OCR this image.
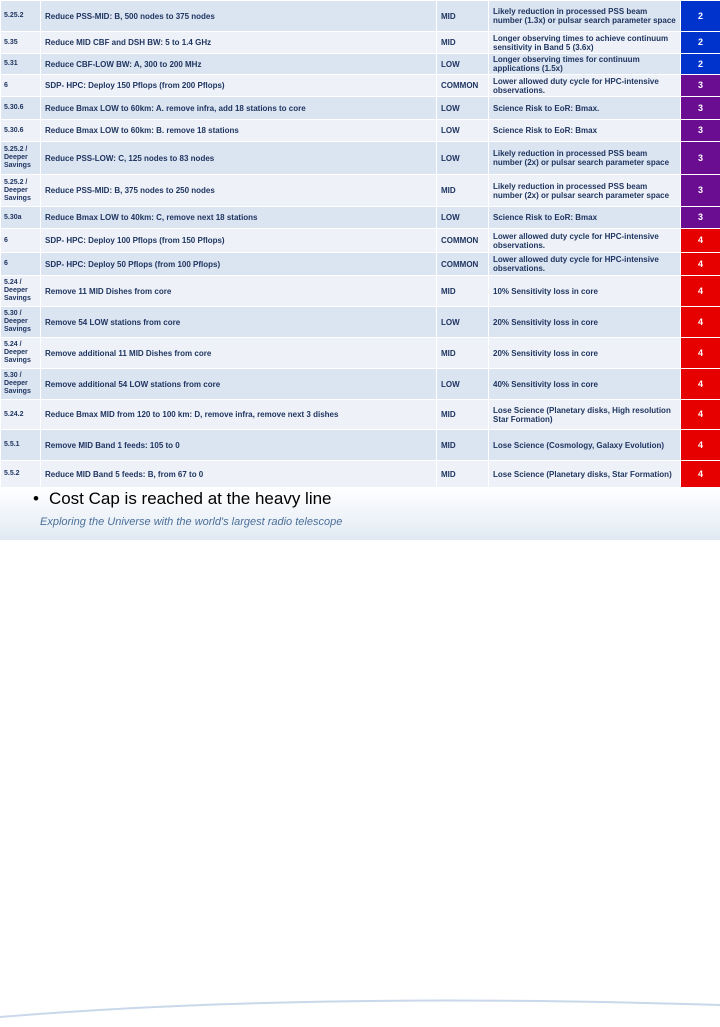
5.25.2	Reduce PSS-MID: B, 500 nodes to 375 nodes	MID	Likely reduction in processed PSS beam number (1.3x) or pulsar search parameter space	2
5.35	Reduce MID CBF and DSH BW: 5 to 1.4 GHz	MID	Longer observing times to achieve continuum sensitivity in Band 5 (3.6x)	2
5.31	Reduce CBF-LOW BW: A, 300 to 200 MHz	LOW	Longer observing times for continuum applications (1.5x)	2
6	SDP- HPC: Deploy 150 Pflops (from 200 Pflops)	COMMON	Lower allowed duty cycle for HPC-intensive observations.	3
5.30.6	Reduce Bmax LOW to 60km: A. remove infra, add 18 stations to core	LOW	Science Risk to EoR: Bmax.	3
5.30.6	Reduce Bmax LOW to 60km: B. remove 18 stations	LOW	Science Risk to EoR: Bmax	3
5.25.2 / Deeper Savings	Reduce PSS-LOW: C, 125 nodes to 83 nodes	LOW	Likely reduction in processed PSS beam number (2x) or pulsar search parameter space	3
5.25.2 / Deeper Savings	Reduce PSS-MID: B, 375 nodes to 250 nodes	MID	Likely reduction in processed PSS beam number (2x) or pulsar search parameter space	3
5.30a	Reduce Bmax LOW to 40km: C, remove next 18 stations	LOW	Science Risk to EoR: Bmax	3
6	SDP- HPC: Deploy 100 Pflops (from 150 Pflops)	COMMON	Lower allowed duty cycle for HPC-intensive observations.	4
6	SDP- HPC: Deploy 50 Pflops (from 100 Pflops)	COMMON	Lower allowed duty cycle for HPC-intensive observations.	4
5.24 / Deeper Savings	Remove 11 MID Dishes from core	MID	10% Sensitivity loss in core	4
5.30 / Deeper Savings	Remove 54 LOW stations from core	LOW	20% Sensitivity loss in core	4
5.24 / Deeper Savings	Remove additional 11 MID Dishes from core	MID	20% Sensitivity loss in core	4
5.30 / Deeper Savings	Remove additional 54 LOW stations from core	LOW	40% Sensitivity loss in core	4
5.24.2	Reduce Bmax MID from 120 to 100 km: D, remove infra, remove next 3 dishes	MID	Lose Science (Planetary disks, High resolution Star Formation)	4
5.5.1	Remove MID Band 1 feeds: 105 to 0	MID	Lose Science (Cosmology, Galaxy Evolution)	4
5.5.2	Reduce MID Band 5 feeds: B, from 67 to 0	MID	Lose Science (Planetary disks, Star Formation)	4
• Cost Cap is reached at the heavy line
Exploring the Universe with the world's largest radio telescope
